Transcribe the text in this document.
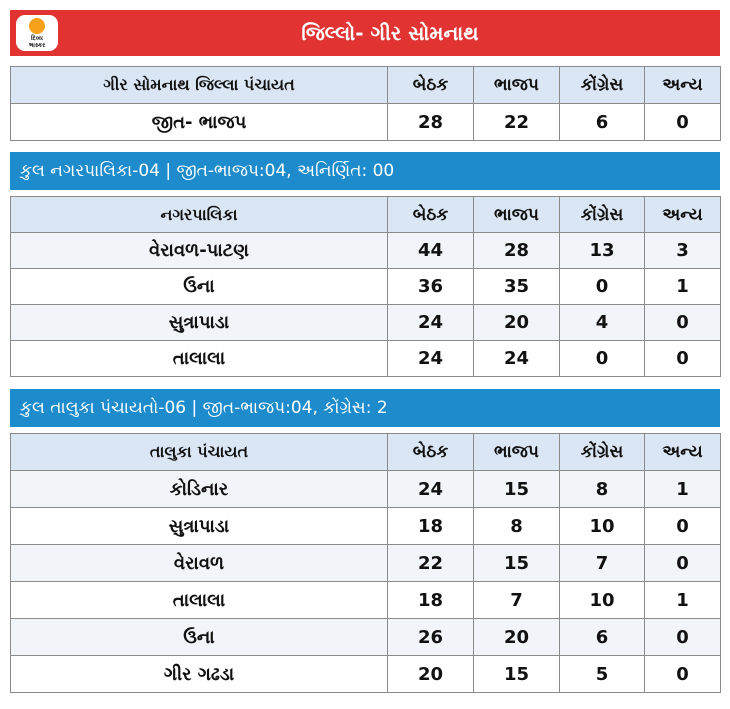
દિવ્ય
ભાસ્કર
જિલ્લો- ગીર સોમનાથ
ગીર સોમનાથ જિલ્લા પંચાયત	બેઠક	ભાજપ	કોંગ્રેસ	અન્ય
જીત- ભાજપ	28	22	6	0
કુલ નગરપાલિકા-04 | જીત-ભાજપ:04, અનિર્ણિત: 00
નગરપાલિકા	બેઠક	ભાજપ	કોંગ્રેસ	અન્ય
વેરાવળ-પાટણ	44	28	13	3
ઉના	36	35	0	1
સુત્રાપાડા	24	20	4	0
તાલાલા	24	24	0	0
કુલ તાલુકા પંચાયતો-06 | જીત-ભાજપ:04, કોંગ્રેસ: 2
તાલુકા પંચાયત	બેઠક	ભાજપ	કોંગ્રેસ	અન્ય
કોડિનાર	24	15	8	1
સુત્રાપાડા	18	8	10	0
વેરાવળ	22	15	7	0
તાલાલા	18	7	10	1
ઉના	26	20	6	0
ગીર ગઢડા	20	15	5	0
